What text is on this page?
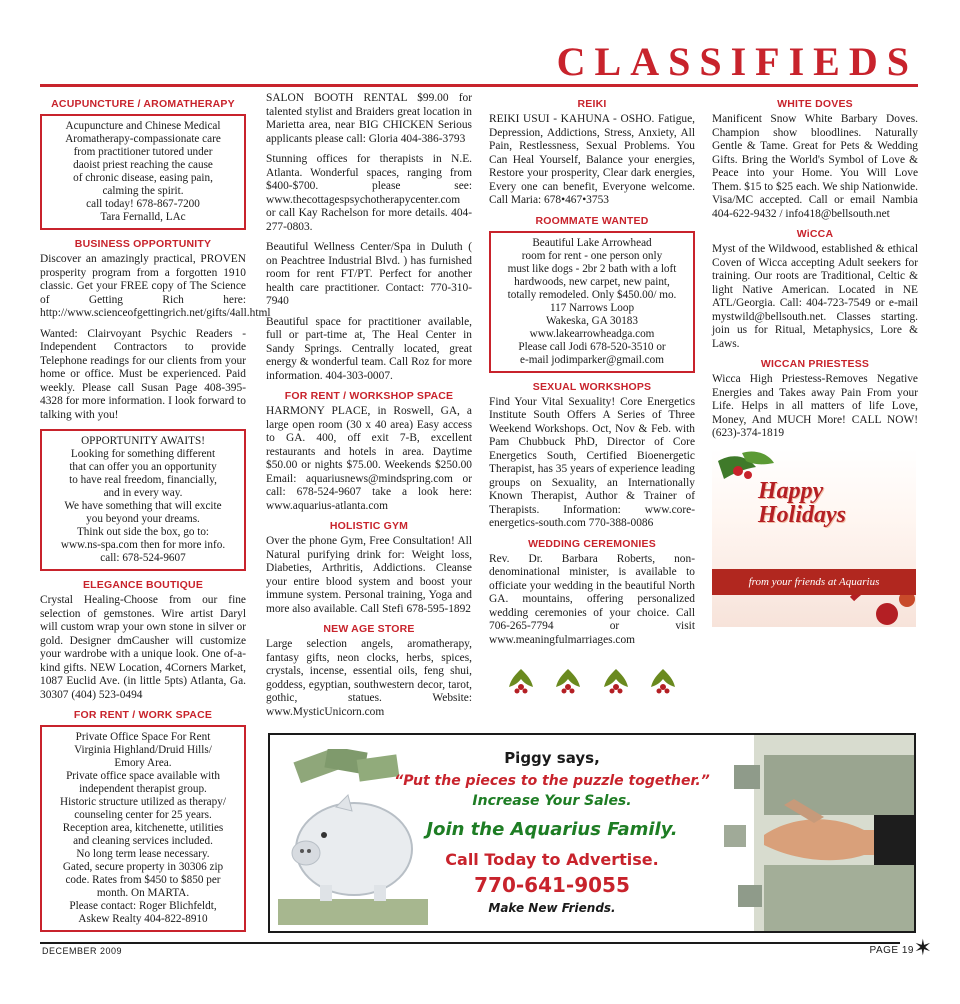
CLASSIFIEDS
ACUPUNCTURE / AROMATHERAPY
Acupuncture and Chinese Medical
Aromatherapy-compassionate care
from practitioner tutored under
daoist priest reaching the cause
of chronic disease, easing pain,
calming the spirit.
call today! 678-867-7200
Tara Fernalld, LAc
BUSINESS OPPORTUNITY
Discover an amazingly practical, PROVEN prosperity program from a forgotten 1910 classic. Get your FREE copy of The Science of Getting Rich here: http://www.scienceofgettingrich.net/gifts/4all.html
Wanted: Clairvoyant Psychic Readers - Independent Contractors to provide Telephone readings for our clients from your home or office. Must be experienced. Paid weekly. Please call Susan Page 408-395-4328 for more information. I look forward to talking with you!
OPPORTUNITY AWAITS!
Looking for something different
that can offer you an opportunity
to have real freedom, financially,
and in every way.
We have something that will excite
you beyond your dreams.
Think out side the box, go to:
www.ns-spa.com then for more info.
call: 678-524-9607
ELEGANCE BOUTIQUE
Crystal Healing-Choose from our fine selection of gemstones. Wire artist Daryl will custom wrap your own stone in silver or gold. Designer dmCausher will customize your wardrobe with a unique look. One of-a-kind gifts. NEW Location, 4Corners Market, 1087 Euclid Ave. (in little 5pts) Atlanta, Ga. 30307 (404) 523-0494
FOR RENT / WORK SPACE
Private Office Space For Rent
Virginia Highland/Druid Hills/
Emory Area.
Private office space available with
independent therapist group.
Historic structure utilized as therapy/
counseling center for 25 years.
Reception area, kitchenette, utilities
and cleaning services included.
No long term lease necessary.
Gated, secure property in 30306 zip
code. Rates from $450 to $850 per
month. On MARTA.
Please contact: Roger Blichfeldt,
Askew Realty 404-822-8910
SALON BOOTH RENTAL $99.00 for talented stylist and Braiders great location in Marietta area, near BIG CHICKEN Serious applicants please call: Gloria 404-386-3793
Stunning offices for therapists in N.E. Atlanta. Wonderful spaces, ranging from $400-$700. please see: www.thecottagespsychotherapycenter.com or call Kay Rachelson for more details. 404-277-0803.
Beautiful Wellness Center/Spa in Duluth ( on Peachtree Industrial Blvd. ) has furnished room for rent FT/PT. Perfect for another health care practitioner. Contact: 770-310-7940
Beautiful space for practitioner available, full or part-time at, The Heal Center in Sandy Springs. Centrally located, great energy & wonderful team. Call Roz for more information. 404-303-0007.
FOR RENT / WORKSHOP SPACE
HARMONY PLACE, in Roswell, GA, a large open room (30 x 40 area) Easy access to GA. 400, off exit 7-B, excellent restaurants and hotels in area. Daytime $50.00 or nights $75.00. Weekends $250.00 Email: aquariusnews@mindspring.com or call: 678-524-9607 take a look here: www.aquarius-atlanta.com
HOLISTIC GYM
Over the phone Gym, Free Consultation! All Natural purifying drink for: Weight loss, Diabeties, Arthritis, Addictions. Cleanse your entire blood system and boost your immune system. Personal training, Yoga and more also available. Call Stefi 678-595-1892
NEW AGE STORE
Large selection angels, aromatherapy, fantasy gifts, neon clocks, herbs, spices, crystals, incense, essential oils, feng shui, goddess, egyptian, southwestern decor, tarot, gothic, statues. Website: www.MysticUnicorn.com
REIKI
REIKI USUI - KAHUNA - OSHO. Fatigue, Depression, Addictions, Stress, Anxiety, All Pain, Restlessness, Sexual Problems. You Can Heal Yourself, Balance your energies, Restore your prosperity, Clear dark energies, Every one can benefit, Everyone welcome. Call Maria: 678•467•3753
ROOMMATE WANTED
Beautiful Lake Arrowhead
room for rent - one person only
must like dogs - 2br 2 bath with a loft
hardwoods, new carpet, new paint,
totally remodeled. Only $450.00/ mo.
117 Narrows Loop
Wakeska, GA 30183
www.lakearrowheadga.com
Please call Jodi 678-520-3510 or
e-mail jodimparker@gmail.com
SEXUAL WORKSHOPS
Find Your Vital Sexuality! Core Energetics Institute South Offers A Series of Three Weekend Workshops. Oct, Nov & Feb. with Pam Chubbuck PhD, Director of Core Energetics South, Certified Bioenergetic Therapist, has 35 years of experience leading groups on Sexuality, an Internationally Known Therapist, Author & Trainer of Therapists. Information: www.core-energetics-south.com 770-388-0086
WEDDING CEREMONIES
Rev. Dr. Barbara Roberts, non-denominational minister, is available to officiate your wedding in the beautiful North GA. mountains, offering personalized wedding ceremonies of your choice. Call 706-265-7794 or visit www.meaningfulmarriages.com
WHITE DOVES
Manificent Snow White Barbary Doves. Champion show bloodlines. Naturally Gentle & Tame. Great for Pets & Wedding Gifts. Bring the World's Symbol of Love & Peace into your Home. You Will Love Them. $15 to $25 each. We ship Nationwide. Visa/MC accepted. Call or email Nambia 404-622-9432 / info418@bellsouth.net
WiCCA
Myst of the Wildwood, established & ethical Coven of Wicca accepting Adult seekers for training. Our roots are Traditional, Celtic & light Native American. Located in NE ATL/Georgia. Call: 404-723-7549 or e-mail mystwild@bellsouth.net. Classes starting. join us for Ritual, Metaphysics, Lore & Laws.
WICCAN PRIESTESS
Wicca High Priestess-Removes Negative Energies and Takes away Pain From your Life. Helps in all matters of life Love, Money, And MUCH More! CALL NOW! (623)-374-1819
Happy Holidays
from your friends at Aquarius
Piggy says,
“Put the pieces to the puzzle together.”
Increase Your Sales.
Join the Aquarius Family.
Call Today to Advertise.
770-641-9055
Make New Friends.
DECEMBER 2009	PAGE 19 ✶
